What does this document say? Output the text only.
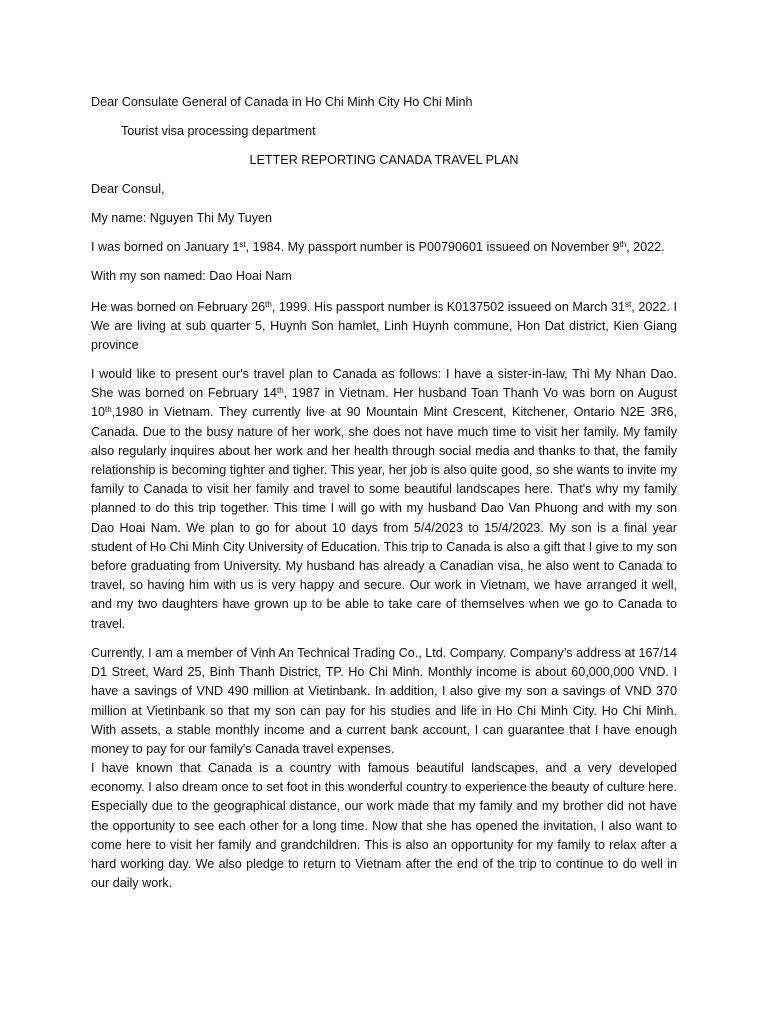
Dear Consulate General of Canada in Ho Chi Minh City Ho Chi Minh
Tourist visa processing department
LETTER REPORTING CANADA TRAVEL PLAN
Dear Consul,
My name: Nguyen Thi My Tuyen
I was borned on January 1st, 1984. My passport number is P00790601 issueed on November 9th, 2022.
With my son named: Dao Hoai Nam
He was borned on February 26th, 1999. His passport number is K0137502 issueed on March 31st, 2022. I We are living at sub quarter 5, Huynh Son hamlet, Linh Huynh commune, Hon Dat district, Kien Giang province
I would like to present our's travel plan to Canada as follows: I have a sister-in-law, Thi My Nhan Dao. She was borned on February 14th, 1987 in Vietnam. Her husband Toan Thanh Vo was born on August 10th,1980 in Vietnam. They currently live at 90 Mountain Mint Crescent, Kitchener, Ontario N2E 3R6, Canada. Due to the busy nature of her work, she does not have much time to visit her family. My family also regularly inquires about her work and her health through social media and thanks to that, the family relationship is becoming tighter and tigher. This year, her job is also quite good, so she wants to invite my family to Canada to visit her family and travel to some beautiful landscapes here. That's why my family planned to do this trip together. This time I will go with my husband Dao Van Phuong and with my son Dao Hoai Nam. We plan to go for about 10 days from 5/4/2023 to 15/4/2023. My son is a final year student of Ho Chi Minh City University of Education. This trip to Canada is also a gift that I give to my son before graduating from University. My husband has already a Canadian visa, he also went to Canada to travel, so having him with us is very happy and secure. Our work in Vietnam, we have arranged it well, and my two daughters have grown up to be able to take care of themselves when we go to Canada to travel.
Currently, I am a member of Vinh An Technical Trading Co., Ltd. Company. Company’s address at 167/14 D1 Street, Ward 25, Binh Thanh District, TP. Ho Chi Minh. Monthly income is about 60,000,000 VND. I have a savings of VND 490 million at Vietinbank. In addition, I also give my son a savings of VND 370 million at Vietinbank so that my son can pay for his studies and life in Ho Chi Minh City. Ho Chi Minh. With assets, a stable monthly income and a current bank account, I can guarantee that I have enough money to pay for our family's Canada travel expenses.
I have known that Canada is a country with famous beautiful landscapes, and a very developed economy. I also dream once to set foot in this wonderful country to experience the beauty of culture here. Especially due to the geographical distance, our work made that my family and my brother did not have the opportunity to see each other for a long time. Now that she has opened the invitation, I also want to come here to visit her family and grandchildren. This is also an opportunity for my family to relax after a hard working day. We also pledge to return to Vietnam after the end of the trip to continue to do well in our daily work.
